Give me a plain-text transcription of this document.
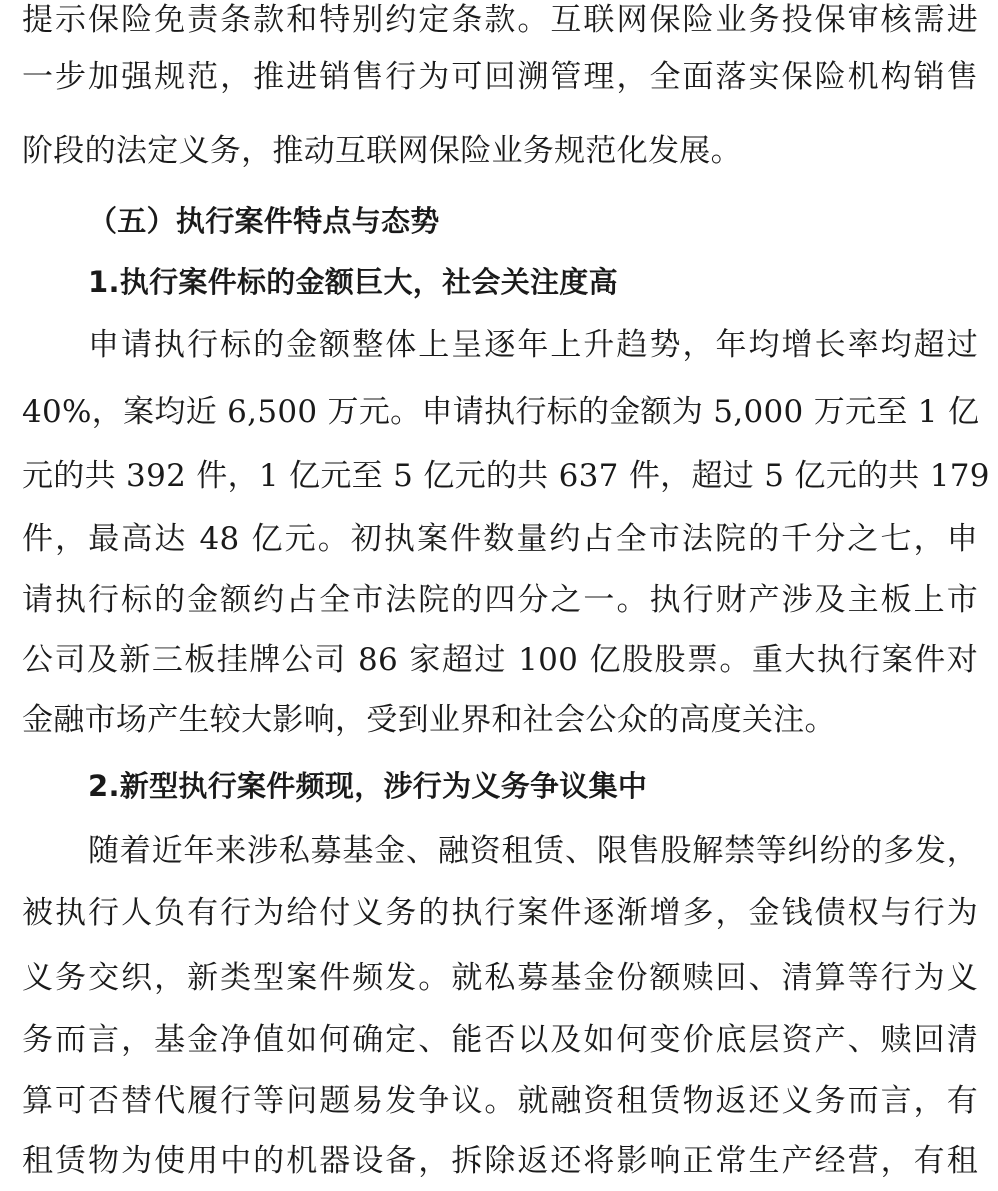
提示保险免责条款和特别约定条款。互联网保险业务投保审核需进
一步加强规范，推进销售行为可回溯管理，全面落实保险机构销售
阶段的法定义务，推动互联网保险业务规范化发展。
（五）执行案件特点与态势
1.执行案件标的金额巨大，社会关注度高
申请执行标的金额整体上呈逐年上升趋势，年均增长率均超过
40%，案均近 6,500 万元。申请执行标的金额为 5,000 万元至 1 亿
元的共 392 件，1 亿元至 5 亿元的共 637 件，超过 5 亿元的共 179
件，最高达 48 亿元。初执案件数量约占全市法院的千分之七，申
请执行标的金额约占全市法院的四分之一。执行财产涉及主板上市
公司及新三板挂牌公司 86 家超过 100 亿股股票。重大执行案件对
金融市场产生较大影响，受到业界和社会公众的高度关注。
2.新型执行案件频现，涉行为义务争议集中
随着近年来涉私募基金、融资租赁、限售股解禁等纠纷的多发，
被执行人负有行为给付义务的执行案件逐渐增多，金钱债权与行为
义务交织，新类型案件频发。就私募基金份额赎回、清算等行为义
务而言，基金净值如何确定、能否以及如何变价底层资产、赎回清
算可否替代履行等问题易发争议。就融资租赁物返还义务而言，有
租赁物为使用中的机器设备，拆除返还将影响正常生产经营，有租
